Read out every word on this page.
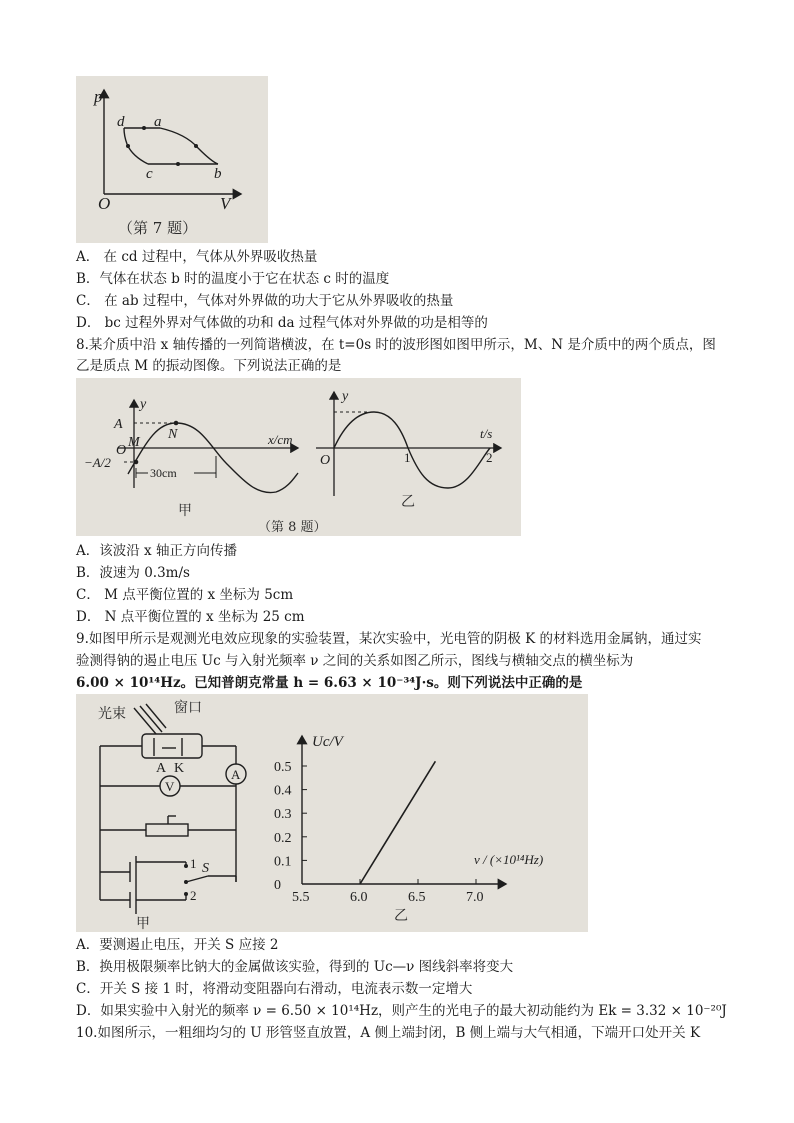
p
V
O
d a
c	b
（第 7 题）
A． 在 cd 过程中，气体从外界吸收热量
B．气体在状态 b 时的温度小于它在状态 c 时的温度
C． 在 ab 过程中，气体对外界做的功大于它从外界吸收的热量
D． bc 过程外界对气体做的功和 da 过程气体对外界做的功是相等的
8.某介质中沿 x 轴传播的一列简谐横波，在 t=0s 时的波形图如图甲所示，M、N 是介质中的两个质点，图
乙是质点 M 的振动图像。下列说法正确的是
30cm
y
A
N
M
O
−A/2
x/cm
甲
y
O	1	2
t/s
乙
（第 8 题）
A．该波沿 x 轴正方向传播
B．波速为 0.3m/s
C． M 点平衡位置的 x 坐标为 5cm
D． N 点平衡位置的 x 坐标为 25 cm
9.如图甲所示是观测光电效应现象的实验装置，某次实验中，光电管的阴极 K 的材料选用金属钠，通过实
验测得钠的遏止电压 Uc 与入射光频率 ν 之间的关系如图乙所示，图线与横轴交点的横坐标为
6.00 × 10¹⁴Hz。已知普朗克常量 h = 6.63 × 10⁻³⁴J·s。则下列说法中正确的是
A
V
光束	窗口
A K
1
2
S
甲
0
0.1
0.2
0.3
0.4
0.5
5.5	6.0	6.5	7.0
Uc/V
ν / (×10¹⁴Hz)
乙
A．要测遏止电压，开关 S 应接 2
B．换用极限频率比钠大的金属做该实验，得到的 Uc—ν 图线斜率将变大
C．开关 S 接 1 时，将滑动变阻器向右滑动，电流表示数一定增大
D．如果实验中入射光的频率 ν = 6.50 × 10¹⁴Hz，则产生的光电子的最大初动能约为 Ek = 3.32 × 10⁻²⁰J
10.如图所示，一粗细均匀的 U 形管竖直放置，A 侧上端封闭，B 侧上端与大气相通，下端开口处开关 K
